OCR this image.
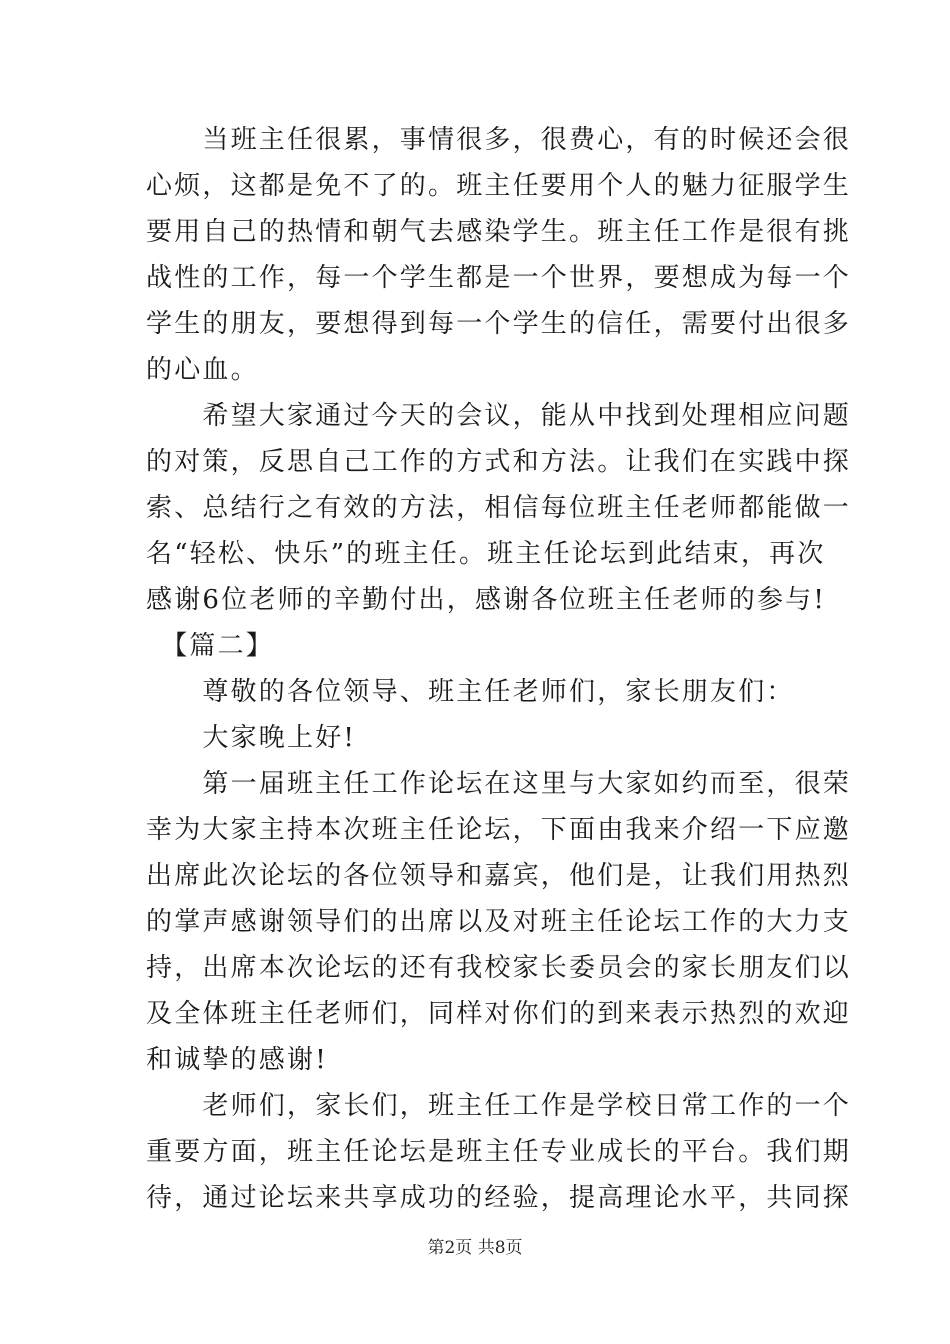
　　当班主任很累，事情很多，很费心，有的时候还会很
心烦，这都是免不了的。班主任要用个人的魅力征服学生
要用自己的热情和朝气去感染学生。班主任工作是很有挑
战性的工作，每一个学生都是一个世界，要想成为每一个
学生的朋友，要想得到每一个学生的信任，需要付出很多
的心血。
　　希望大家通过今天的会议，能从中找到处理相应问题
的对策，反思自己工作的方式和方法。让我们在实践中探
索、总结行之有效的方法，相信每位班主任老师都能做一
名“轻松、快乐”的班主任。班主任论坛到此结束，再次
感谢6位老师的辛勤付出，感谢各位班主任老师的参与!
　【篇二】
　　尊敬的各位领导、班主任老师们，家长朋友们：
　　大家晚上好!
　　第一届班主任工作论坛在这里与大家如约而至，很荣
幸为大家主持本次班主任论坛，下面由我来介绍一下应邀
出席此次论坛的各位领导和嘉宾，他们是，让我们用热烈
的掌声感谢领导们的出席以及对班主任论坛工作的大力支
持，出席本次论坛的还有我校家长委员会的家长朋友们以
及全体班主任老师们，同样对你们的到来表示热烈的欢迎
和诚挚的感谢!
　　老师们，家长们，班主任工作是学校日常工作的一个
重要方面，班主任论坛是班主任专业成长的平台。我们期
待，通过论坛来共享成功的经验，提高理论水平，共同探
第2页 共8页
